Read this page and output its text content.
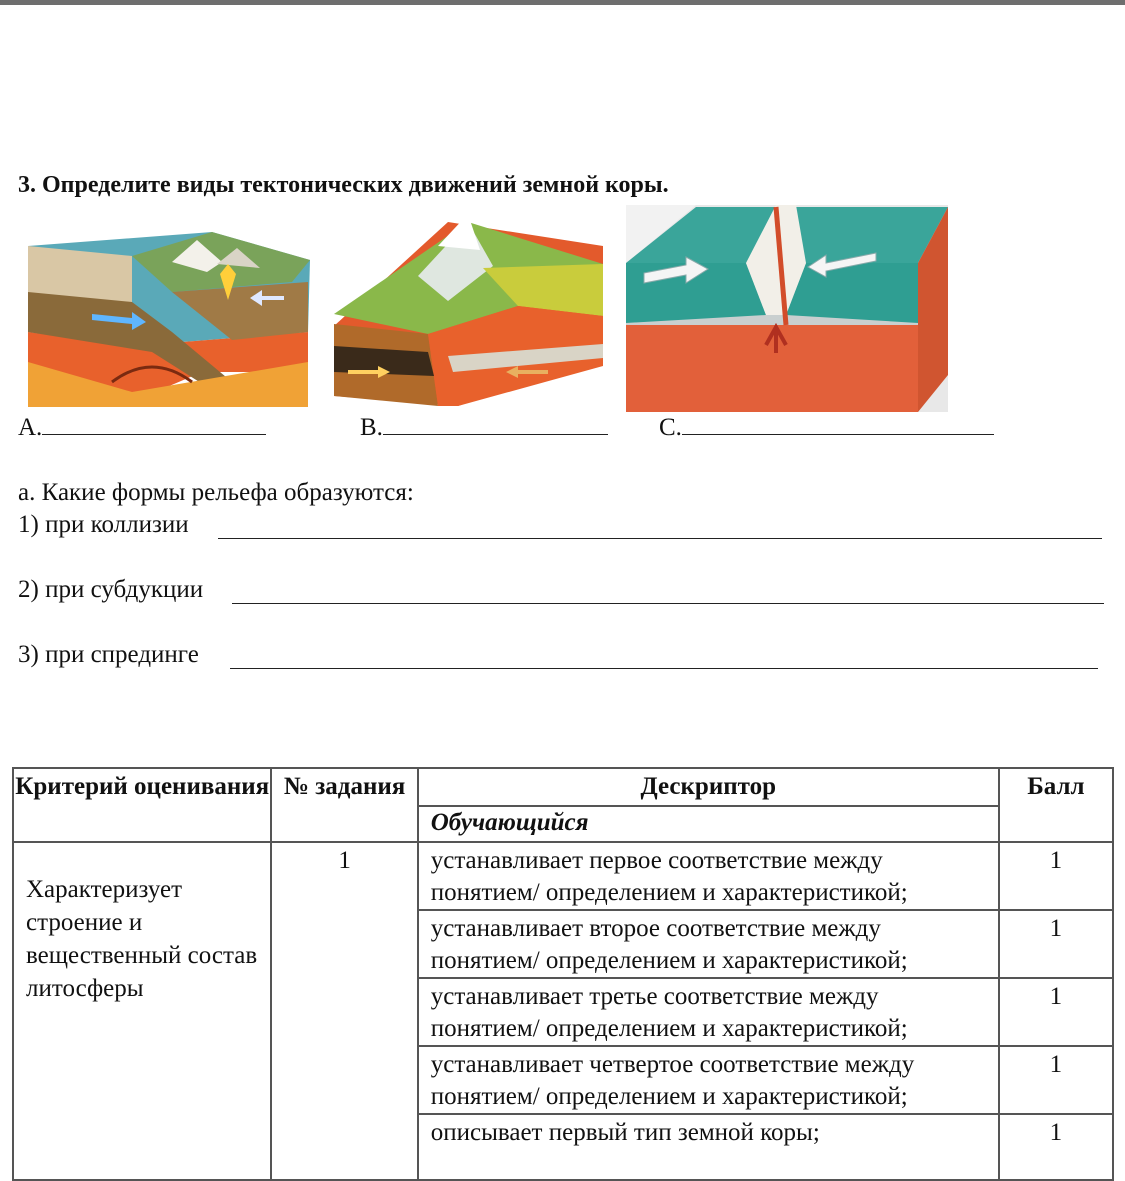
3. Определите виды тектонических движений земной коры.
A.	B.	C.
а. Какие формы рельефа образуются:
1) при коллизии
2) при субдукции
3) при спрединге
Критерий оценивания	№ задания	Дескриптор	Балл
		Обучающийся	
Характеризует строение и вещественный состав литосферы	1	устанавливает первое соответствие между понятием/ определением и характеристикой;	1
		устанавливает второе соответствие между понятием/ определением и характеристикой;	1
		устанавливает третье соответствие между понятием/ определением и характеристикой;	1
		устанавливает четвертое соответствие между понятием/ определением и характеристикой;	1
		описывает первый тип земной коры;	1
